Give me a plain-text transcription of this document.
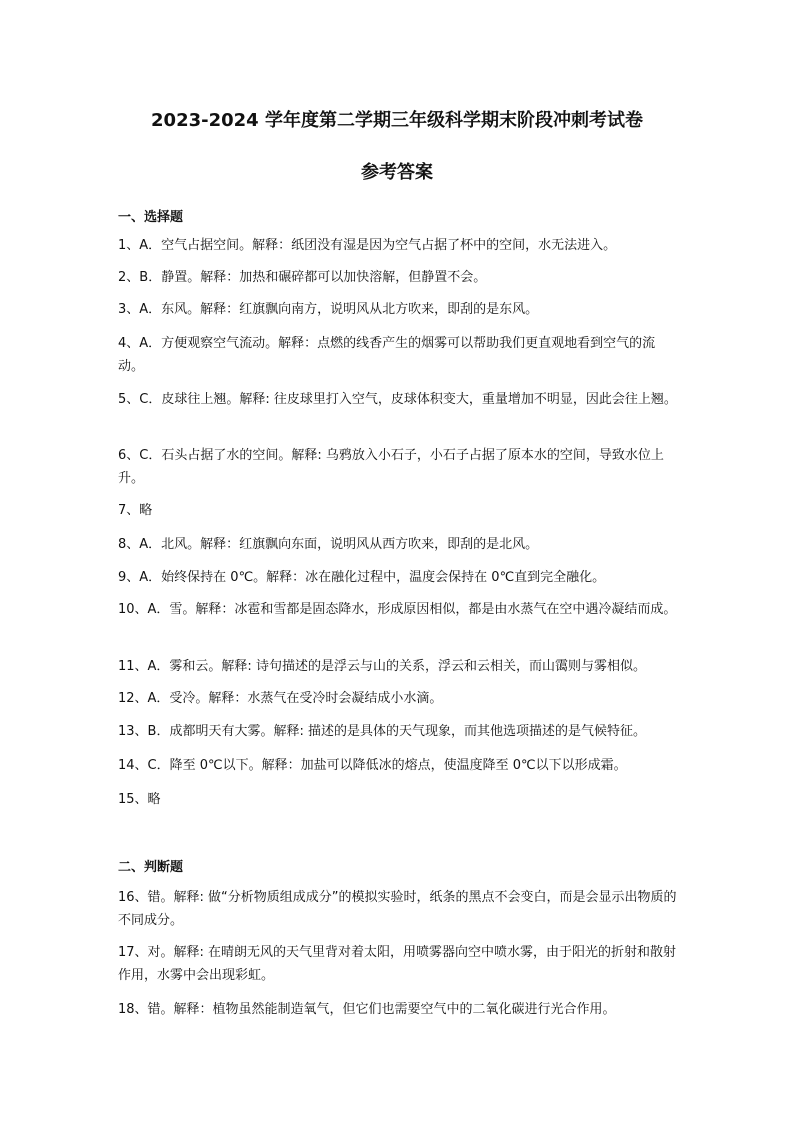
2023-2024 学年度第二学期三年级科学期末阶段冲刺考试卷
参考答案

一、选择题

1、A．空气占据空间。解释：纸团没有湿是因为空气占据了杯中的空间，水无法进入。

2、B．静置。解释：加热和碾碎都可以加快溶解，但静置不会。

3、A．东风。解释：红旗飘向南方，说明风从北方吹来，即刮的是东风。

4、A．方便观察空气流动。解释：点燃的线香产生的烟雾可以帮助我们更直观地看到空气的流动。

5、C．皮球往上翘。解释: 往皮球里打入空气，皮球体积变大，重量增加不明显，因此会往上翘。

6、C．石头占据了水的空间。解释: 乌鸦放入小石子，小石子占据了原本水的空间，导致水位上升。

7、略

8、A．北风。解释：红旗飘向东面，说明风从西方吹来，即刮的是北风。

9、A．始终保持在 0℃。解释：冰在融化过程中，温度会保持在 0℃直到完全融化。

10、A．雪。解释：冰雹和雪都是固态降水，形成原因相似，都是由水蒸气在空中遇冷凝结而成。

11、A．雾和云。解释: 诗句描述的是浮云与山的关系，浮云和云相关，而山霭则与雾相似。

12、A．受冷。解释：水蒸气在受冷时会凝结成小水滴。

13、B．成都明天有大雾。解释: 描述的是具体的天气现象，而其他选项描述的是气候特征。

14、C．降至 0℃以下。解释：加盐可以降低冰的熔点，使温度降至 0℃以下以形成霜。

15、略

二、判断题

16、错。解释: 做“分析物质组成成分”的模拟实验时，纸条的黑点不会变白，而是会显示出物质的不同成分。

17、对。解释: 在晴朗无风的天气里背对着太阳，用喷雾器向空中喷水雾，由于阳光的折射和散射作用，水雾中会出现彩虹。

18、错。解释：植物虽然能制造氧气，但它们也需要空气中的二氧化碳进行光合作用。
